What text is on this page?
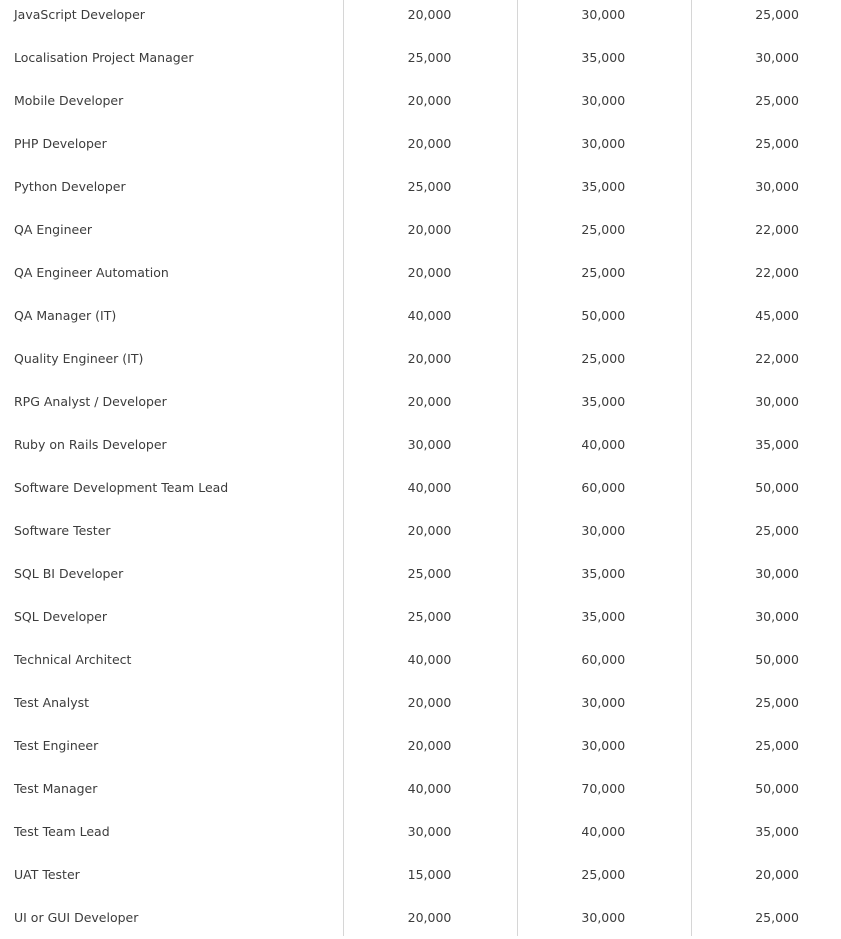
JavaScript Developer	20,000	30,000	25,000
Localisation Project Manager	25,000	35,000	30,000
Mobile Developer	20,000	30,000	25,000
PHP Developer	20,000	30,000	25,000
Python Developer	25,000	35,000	30,000
QA Engineer	20,000	25,000	22,000
QA Engineer Automation	20,000	25,000	22,000
QA Manager (IT)	40,000	50,000	45,000
Quality Engineer (IT)	20,000	25,000	22,000
RPG Analyst / Developer	20,000	35,000	30,000
Ruby on Rails Developer	30,000	40,000	35,000
Software Development Team Lead	40,000	60,000	50,000
Software Tester	20,000	30,000	25,000
SQL BI Developer	25,000	35,000	30,000
SQL Developer	25,000	35,000	30,000
Technical Architect	40,000	60,000	50,000
Test Analyst	20,000	30,000	25,000
Test Engineer	20,000	30,000	25,000
Test Manager	40,000	70,000	50,000
Test Team Lead	30,000	40,000	35,000
UAT Tester	15,000	25,000	20,000
UI or GUI Developer	20,000	30,000	25,000
